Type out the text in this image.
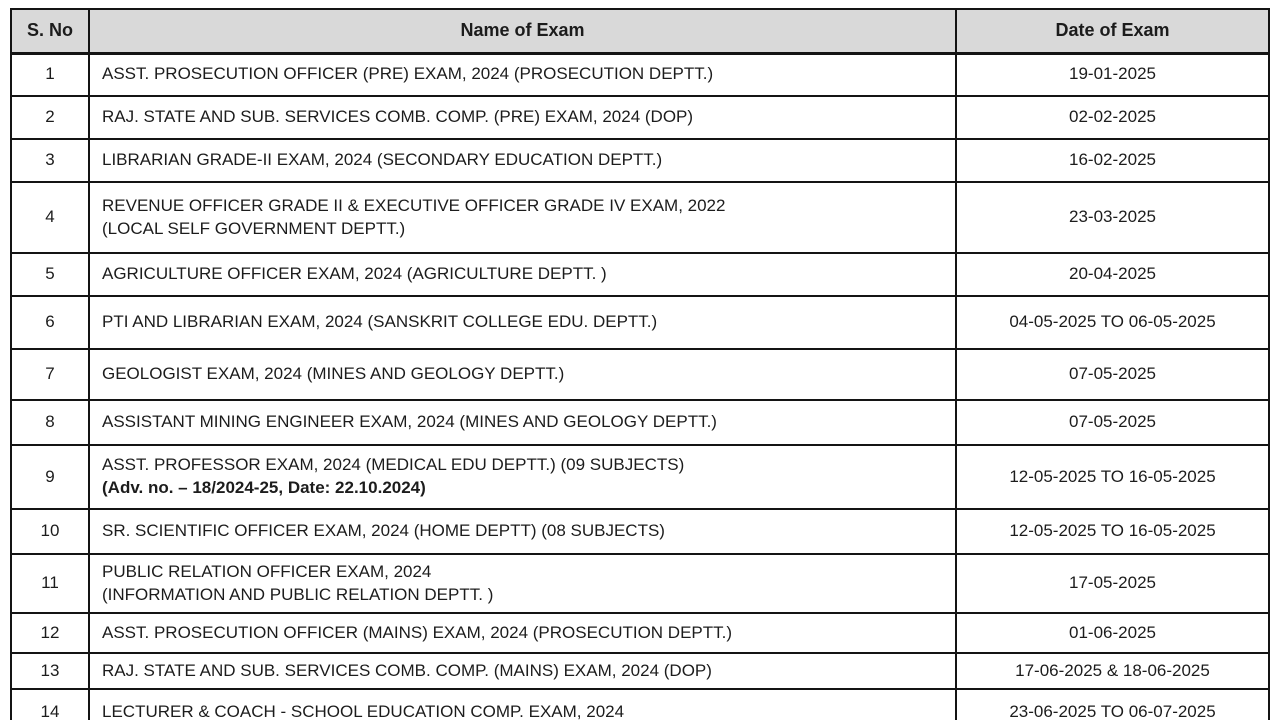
S. No	Name of Exam	Date of Exam
1	ASST. PROSECUTION OFFICER (PRE) EXAM, 2024 (PROSECUTION DEPTT.)	19-01-2025
2	RAJ. STATE AND SUB. SERVICES COMB. COMP. (PRE) EXAM, 2024 (DOP)	02-02-2025
3	LIBRARIAN GRADE-II EXAM, 2024 (SECONDARY EDUCATION DEPTT.)	16-02-2025
4	REVENUE OFFICER GRADE II & EXECUTIVE OFFICER GRADE IV EXAM, 2022
(LOCAL SELF GOVERNMENT DEPTT.)	23-03-2025
5	AGRICULTURE OFFICER EXAM, 2024 (AGRICULTURE DEPTT. )	20-04-2025
6	PTI AND LIBRARIAN EXAM, 2024 (SANSKRIT COLLEGE EDU. DEPTT.)	04-05-2025 TO 06-05-2025
7	GEOLOGIST EXAM, 2024 (MINES AND GEOLOGY DEPTT.)	07-05-2025
8	ASSISTANT MINING ENGINEER EXAM, 2024 (MINES AND GEOLOGY DEPTT.)	07-05-2025
9	ASST. PROFESSOR EXAM, 2024 (MEDICAL EDU DEPTT.) (09 SUBJECTS)
(Adv. no. – 18/2024-25, Date: 22.10.2024)	12-05-2025 TO 16-05-2025
10	SR. SCIENTIFIC OFFICER EXAM, 2024 (HOME DEPTT) (08 SUBJECTS)	12-05-2025 TO 16-05-2025
11	PUBLIC RELATION OFFICER EXAM, 2024
(INFORMATION AND PUBLIC RELATION DEPTT. )	17-05-2025
12	ASST. PROSECUTION OFFICER (MAINS) EXAM, 2024 (PROSECUTION DEPTT.)	01-06-2025
13	RAJ. STATE AND SUB. SERVICES COMB. COMP. (MAINS) EXAM, 2024 (DOP)	17-06-2025 & 18-06-2025
14	LECTURER & COACH - SCHOOL EDUCATION COMP. EXAM, 2024	23-06-2025 TO 06-07-2025
